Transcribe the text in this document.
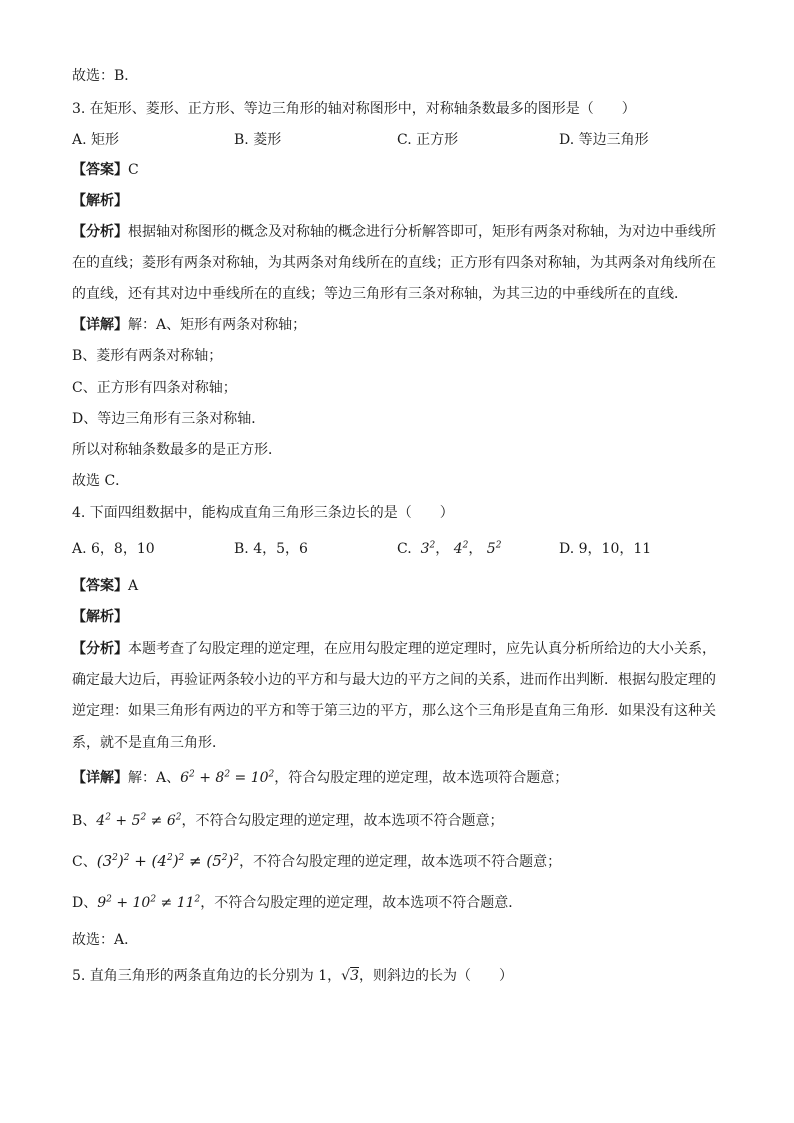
故选：B．
3. 在矩形、菱形、正方形、等边三角形的轴对称图形中，对称轴条数最多的图形是（　　）
A. 矩形	B. 菱形	C. 正方形	D. 等边三角形
【答案】C
【解析】
【分析】根据轴对称图形的概念及对称轴的概念进行分析解答即可，矩形有两条对称轴，为对边中垂线所
在的直线；菱形有两条对称轴，为其两条对角线所在的直线；正方形有四条对称轴，为其两条对角线所在
的直线，还有其对边中垂线所在的直线；等边三角形有三条对称轴，为其三边的中垂线所在的直线．
【详解】解：A、矩形有两条对称轴；
B、菱形有两条对称轴；
C、正方形有四条对称轴；
D、等边三角形有三条对称轴．
所以对称轴条数最多的是正方形．
故选 C．
4. 下面四组数据中，能构成直角三角形三条边长的是（　　）
A. 6，8，10	B. 4，5，6	C. $3^2$， $4^2$， $5^2$	D. 9，10，11
【答案】A
【解析】
【分析】本题考查了勾股定理的逆定理，在应用勾股定理的逆定理时，应先认真分析所给边的大小关系，
确定最大边后，再验证两条较小边的平方和与最大边的平方之间的关系，进而作出判断．根据勾股定理的
逆定理：如果三角形有两边的平方和等于第三边的平方，那么这个三角形是直角三角形．如果没有这种关
系，就不是直角三角形．
【详解】解：A、$6^2 + 8^2 = 10^2$，符合勾股定理的逆定理，故本选项符合题意；
B、$4^2 + 5^2 \ne 6^2$，不符合勾股定理的逆定理，故本选项不符合题意；
C、$(3^2)^2 + (4^2)^2 \ne (5^2)^2$，不符合勾股定理的逆定理，故本选项不符合题意；
D、$9^2 + 10^2 \ne 11^2$，不符合勾股定理的逆定理，故本选项不符合题意．
故选：A．
5. 直角三角形的两条直角边的长分别为 1，√3，则斜边的长为（　　）
